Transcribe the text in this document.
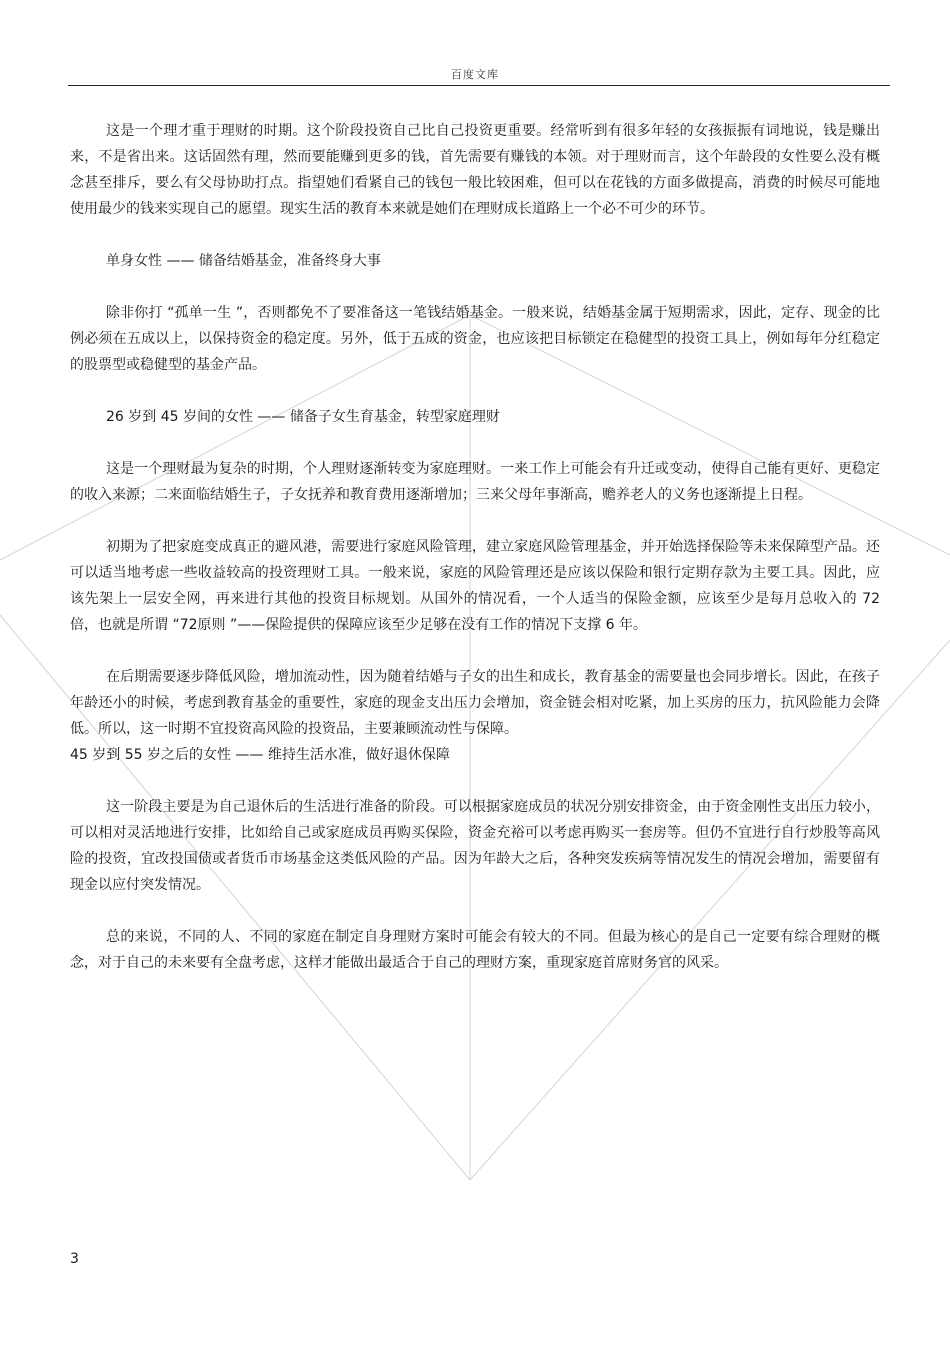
百度文库

这是一个理才重于理财的时期。这个阶段投资自己比自己投资更重要。经常听到有很多年轻的女孩振振有词地说，钱是赚出来，不是省出来。这话固然有理，然而要能赚到更多的钱，首先需要有赚钱的本领。对于理财而言，这个年龄段的女性要么没有概念甚至排斥，要么有父母协助打点。指望她们看紧自己的钱包一般比较困难，但可以在花钱的方面多做提高，消费的时候尽可能地使用最少的钱来实现自己的愿望。现实生活的教育本来就是她们在理财成长道路上一个必不可少的环节。

单身女性 —— 储备结婚基金，准备终身大事

除非你打 “孤单一生 ”，否则都免不了要准备这一笔钱结婚基金。一般来说，结婚基金属于短期需求，因此，定存、现金的比例必须在五成以上，以保持资金的稳定度。另外，低于五成的资金，也应该把目标锁定在稳健型的投资工具上，例如每年分红稳定的股票型或稳健型的基金产品。

26 岁到 45 岁间的女性 —— 储备子女生育基金，转型家庭理财

这是一个理财最为复杂的时期，个人理财逐渐转变为家庭理财。一来工作上可能会有升迁或变动，使得自己能有更好、更稳定的收入来源；二来面临结婚生子，子女抚养和教育费用逐渐增加；三来父母年事渐高，赡养老人的义务也逐渐提上日程。

初期为了把家庭变成真正的避风港，需要进行家庭风险管理，建立家庭风险管理基金，并开始选择保险等未来保障型产品。还可以适当地考虑一些收益较高的投资理财工具。一般来说，家庭的风险管理还是应该以保险和银行定期存款为主要工具。因此，应该先架上一层安全网，再来进行其他的投资目标规划。从国外的情况看，一个人适当的保险金额，应该至少是每月总收入的 72 倍，也就是所谓 “72原则 ”——保险提供的保障应该至少足够在没有工作的情况下支撑 6 年。

在后期需要逐步降低风险，增加流动性，因为随着结婚与子女的出生和成长，教育基金的需要量也会同步增长。因此，在孩子年龄还小的时候，考虑到教育基金的重要性，家庭的现金支出压力会增加，资金链会相对吃紧，加上买房的压力，抗风险能力会降低。所以，这一时期不宜投资高风险的投资品，主要兼顾流动性与保障。

45 岁到 55 岁之后的女性 —— 维持生活水准，做好退休保障

这一阶段主要是为自己退休后的生活进行准备的阶段。可以根据家庭成员的状况分别安排资金，由于资金刚性支出压力较小，可以相对灵活地进行安排，比如给自己或家庭成员再购买保险，资金充裕可以考虑再购买一套房等。但仍不宜进行自行炒股等高风险的投资，宜改投国债或者货币市场基金这类低风险的产品。因为年龄大之后，各种突发疾病等情况发生的情况会增加，需要留有现金以应付突发情况。

总的来说，不同的人、不同的家庭在制定自身理财方案时可能会有较大的不同。但最为核心的是自己一定要有综合理财的概念，对于自己的未来要有全盘考虑，这样才能做出最适合于自己的理财方案，重现家庭首席财务官的风采。

3
